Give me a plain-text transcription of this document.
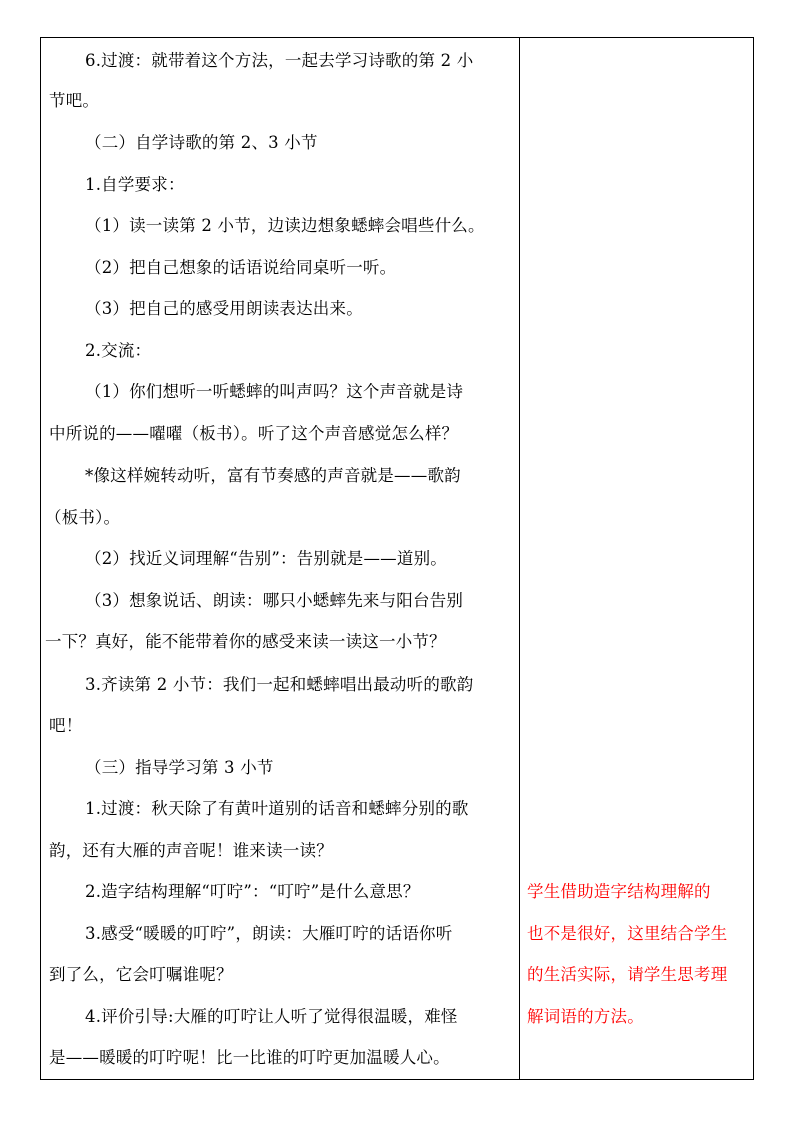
6.过渡：就带着这个方法，一起去学习诗歌的第 2 小
节吧。
（二）自学诗歌的第 2、3 小节
1.自学要求：
（1）读一读第 2 小节，边读边想象蟋蟀会唱些什么。
（2）把自己想象的话语说给同桌听一听。
（3）把自己的感受用朗读表达出来。
2.交流：
（1）你们想听一听蟋蟀的叫声吗？这个声音就是诗
中所说的——嚁嚁（板书）。听了这个声音感觉怎么样？
*像这样婉转动听，富有节奏感的声音就是——歌韵
（板书）。
（2）找近义词理解“告别”：告别就是——道别。
（3）想象说话、朗读：哪只小蟋蟀先来与阳台告别
一下？真好，能不能带着你的感受来读一读这一小节？
3.齐读第 2 小节：我们一起和蟋蟀唱出最动听的歌韵
吧！
（三）指导学习第 3 小节
1.过渡：秋天除了有黄叶道别的话音和蟋蟀分别的歌
韵，还有大雁的声音呢！谁来读一读？
2.造字结构理解“叮咛”：“叮咛”是什么意思？
3.感受“暖暖的叮咛”，朗读：大雁叮咛的话语你听
到了么，它会叮嘱谁呢？
4.评价引导:大雁的叮咛让人听了觉得很温暖，难怪
是——暖暖的叮咛呢！比一比谁的叮咛更加温暖人心。
学生借助造字结构理解的
也不是很好，这里结合学生
的生活实际，请学生思考理
解词语的方法。
